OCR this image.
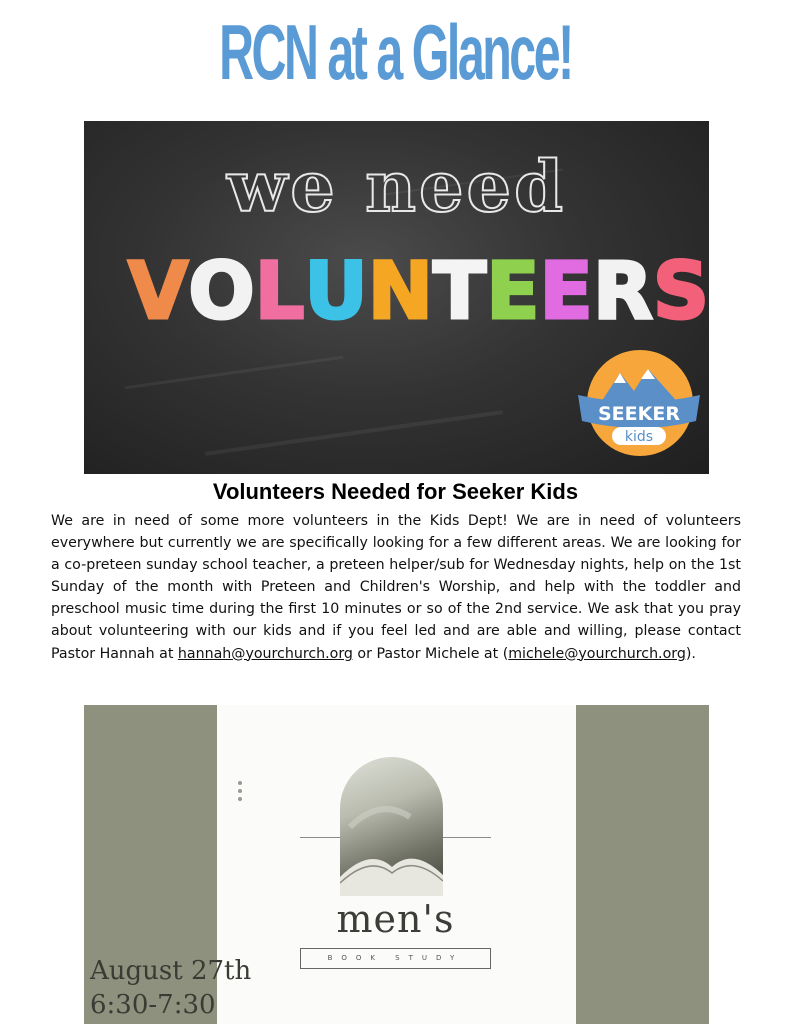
RCN at a Glance!
we need
V O L U N T E E R S
SEEKER
kids
Volunteers Needed for Seeker Kids
We are in need of some more volunteers in the Kids Dept! We are in need of volunteers everywhere but currently we are specifically looking for a few different areas. We are looking for a co-preteen sunday school teacher, a preteen helper/sub for Wednesday nights, help on the 1st Sunday of the month with Preteen and Children's Worship, and help with the toddler and preschool music time during the first 10 minutes or so of the 2nd service. We ask that you pray about volunteering with our kids and if you feel led and are able and willing, please contact Pastor Hannah at hannah@yourchurch.org or Pastor Michele at (michele@yourchurch.org).
men's
BOOK STUDY
August 27th
6:30-7:30
